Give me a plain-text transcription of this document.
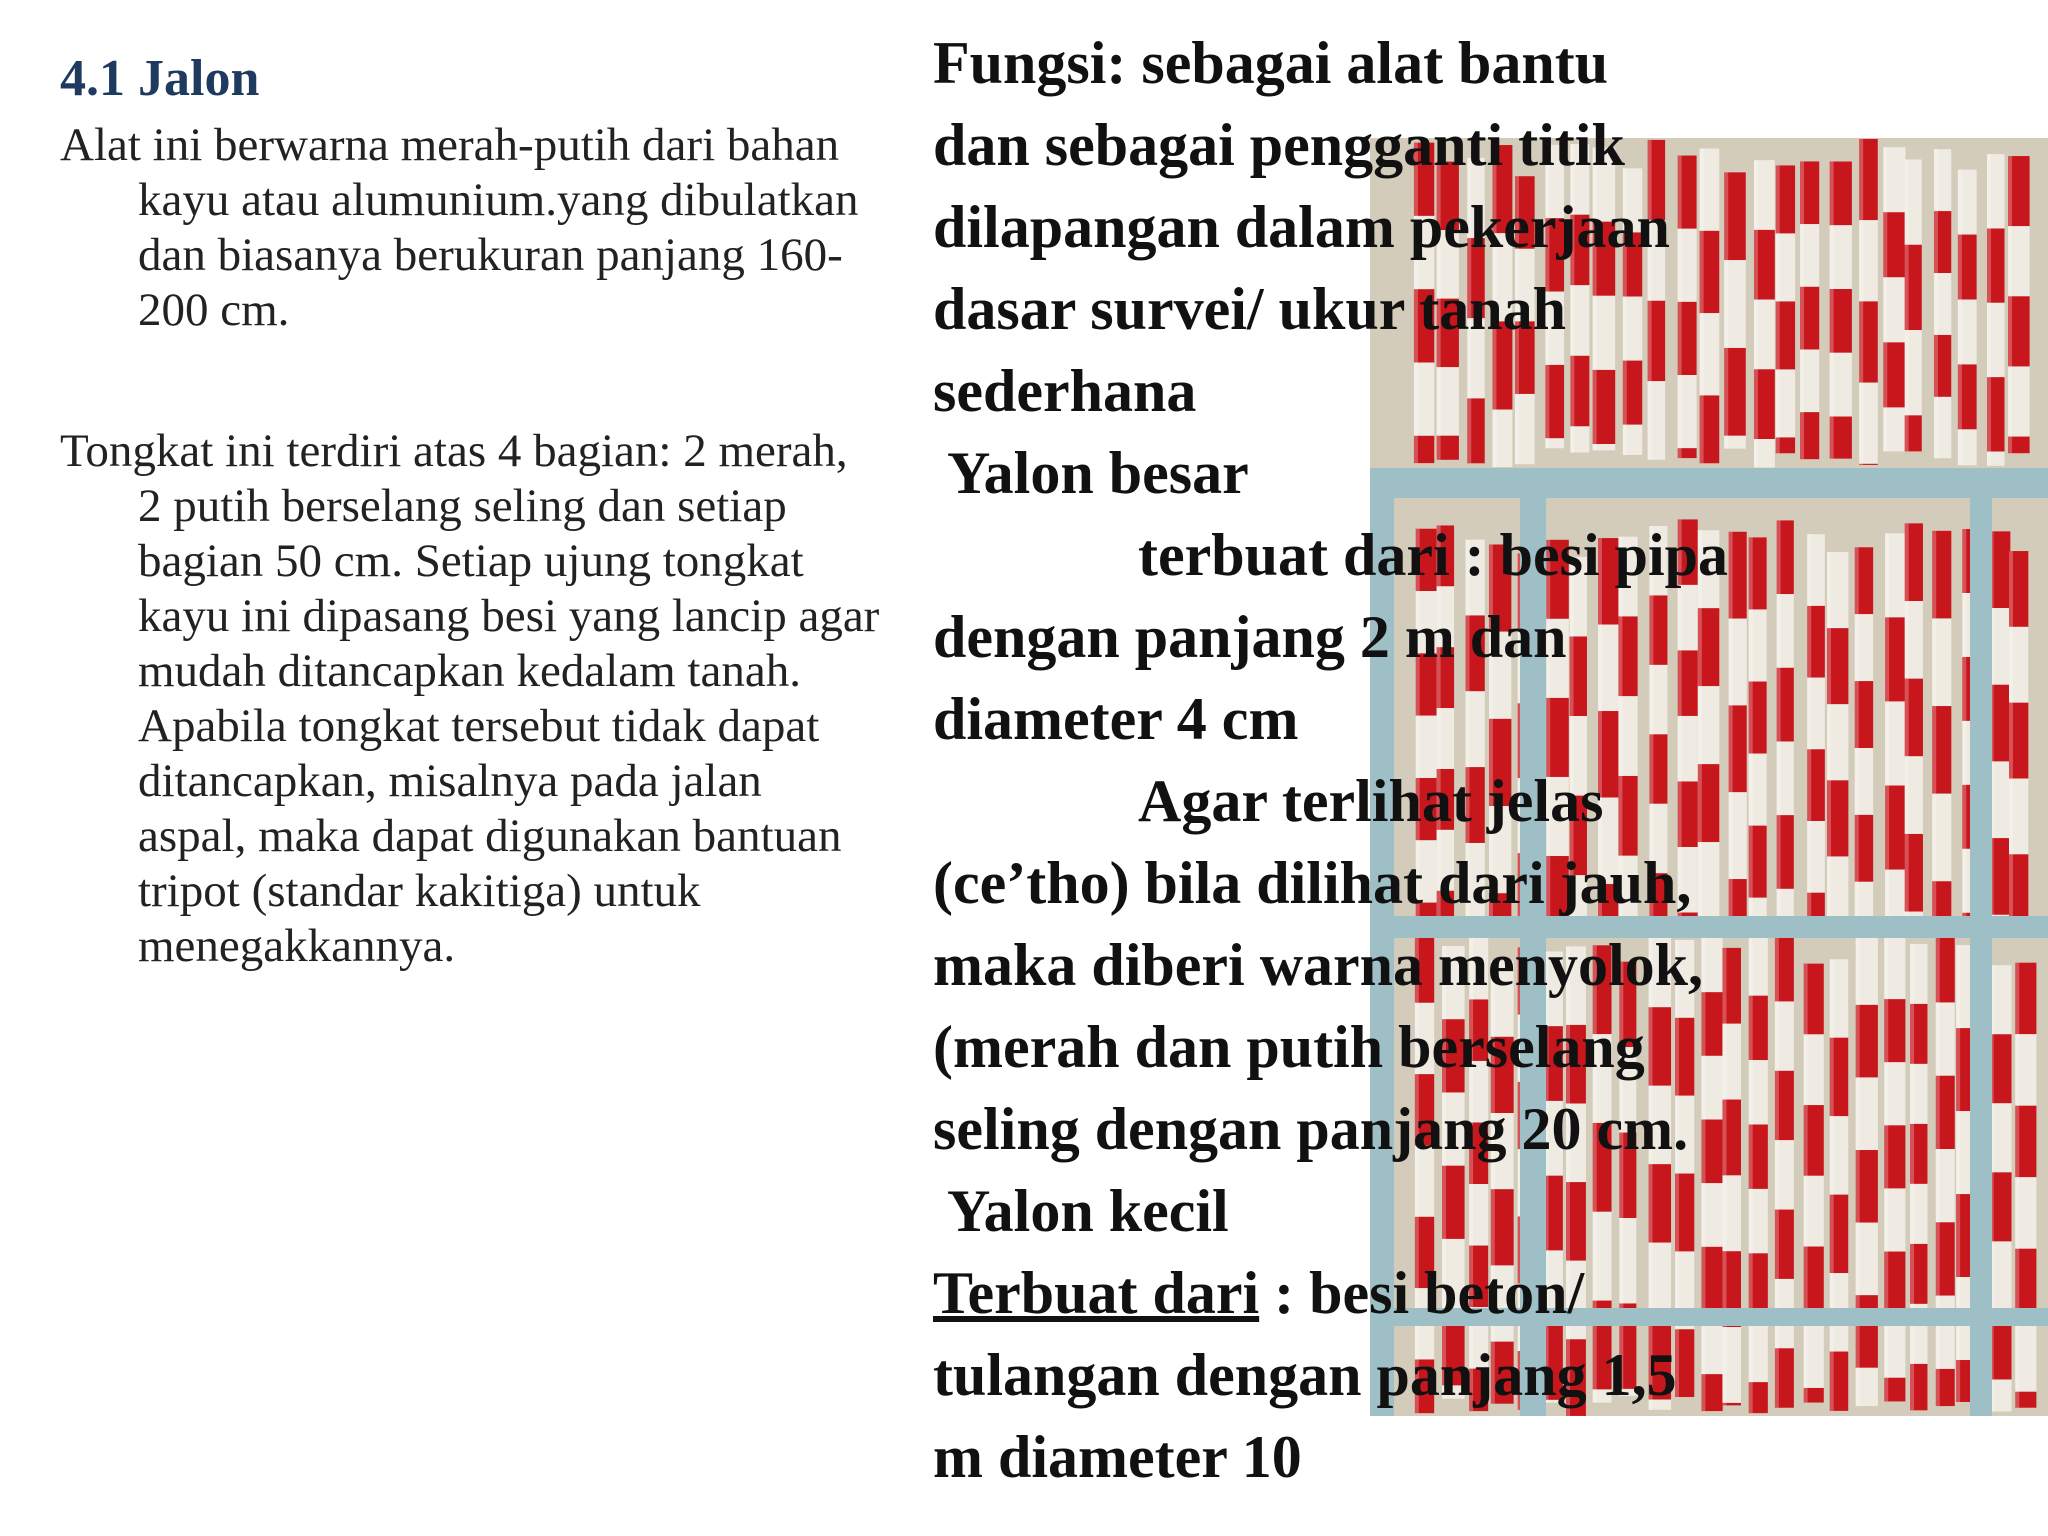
4.1 Jalon

Alat ini berwarna merah-putih dari bahan kayu atau alumunium.yang dibulatkan dan biasanya berukuran panjang 160-200 cm.

Tongkat ini terdiri atas 4 bagian: 2 merah, 2 putih berselang seling dan setiap bagian 50 cm. Setiap ujung tongkat kayu ini dipasang besi yang lancip agar mudah ditancapkan kedalam tanah. Apabila tongkat tersebut tidak dapat ditancapkan, misalnya pada jalan aspal, maka dapat digunakan bantuan tripot (standar kakitiga) untuk menegakkannya.

Fungsi: sebagai alat bantu
dan sebagai pengganti titik
dilapangan dalam pekerjaan
dasar survei/ ukur tanah
sederhana
Yalon besar
terbuat dari : besi pipa
dengan panjang 2 m dan
diameter 4 cm
Agar terlihat jelas
(ce’tho) bila dilihat dari jauh,
maka diberi warna menyolok,
(merah dan putih berselang
seling dengan panjang 20 cm.
Yalon kecil
Terbuat dari : besi beton/
tulangan dengan panjang 1,5
m diameter 10
